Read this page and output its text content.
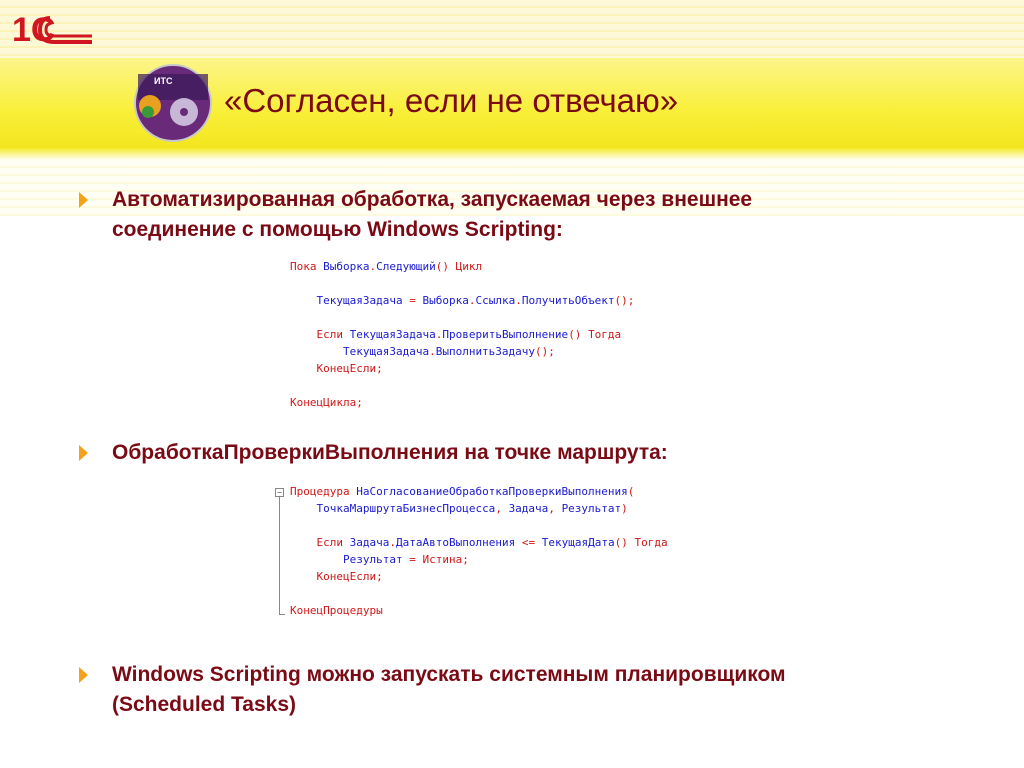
1С
ИТС
«Согласен, если не отвечаю»
Автоматизированная обработка, запускаемая через внешнее
соединение с помощью Windows Scripting:
Пока Выборка.Следующий() Цикл

ТекущаяЗадача = Выборка.Ссылка.ПолучитьОбъект();

Если ТекущаяЗадача.ПроверитьВыполнение() Тогда
ТекущаяЗадача.ВыполнитьЗадачу();
КонецЕсли;

КонецЦикла;
ОбработкаПроверкиВыполнения на точке маршрута:
− Процедура НаСогласованиеОбработкаПроверкиВыполнения(
ТочкаМаршрутаБизнесПроцесса, Задача, Результат)

Если Задача.ДатаАвтоВыполнения <= ТекущаяДата() Тогда
Результат = Истина;
КонецЕсли;

КонецПроцедуры
Windows Scripting можно запускать системным планировщиком
(Scheduled Tasks)
